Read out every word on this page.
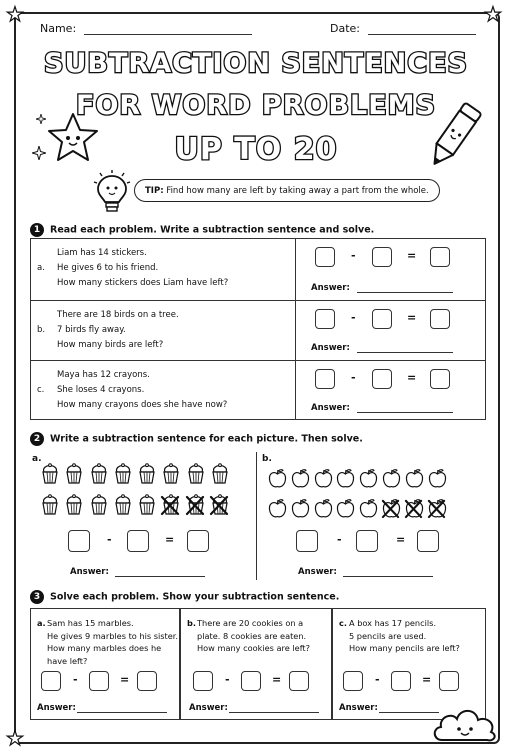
★	★
★
Name:	Date:
SUBTRACTION SENTENCES
FOR WORD PROBLEMS
UP TO 20
TIP: Find how many are left by taking away a part from the whole.
1 Read each problem. Write a subtraction sentence and solve.
a.
Liam has 14 stickers.
He gives 6 to his friend.
How many stickers does Liam have left?
-	=
Answer:
b.
There are 18 birds on a tree.
7 birds fly away.
How many birds are left?
-	=
Answer:
c.
Maya has 12 crayons.
She loses 4 crayons.
How many crayons does she have now?
-	=
Answer:
2 Write a subtraction sentence for each picture. Then solve.
a.	b.
-	=
Answer:
-	=
Answer:
3 Solve each problem. Show your subtraction sentence.
a. Sam has 15 marbles.
He gives 9 marbles to his sister.
How many marbles does he
have left?
-	=
Answer:
b. There are 20 cookies on a
plate. 8 cookies are eaten.
How many cookies are left?
-	=
Answer:
c. A box has 17 pencils.
5 pencils are used.
How many pencils are left?
-	=
Answer:
